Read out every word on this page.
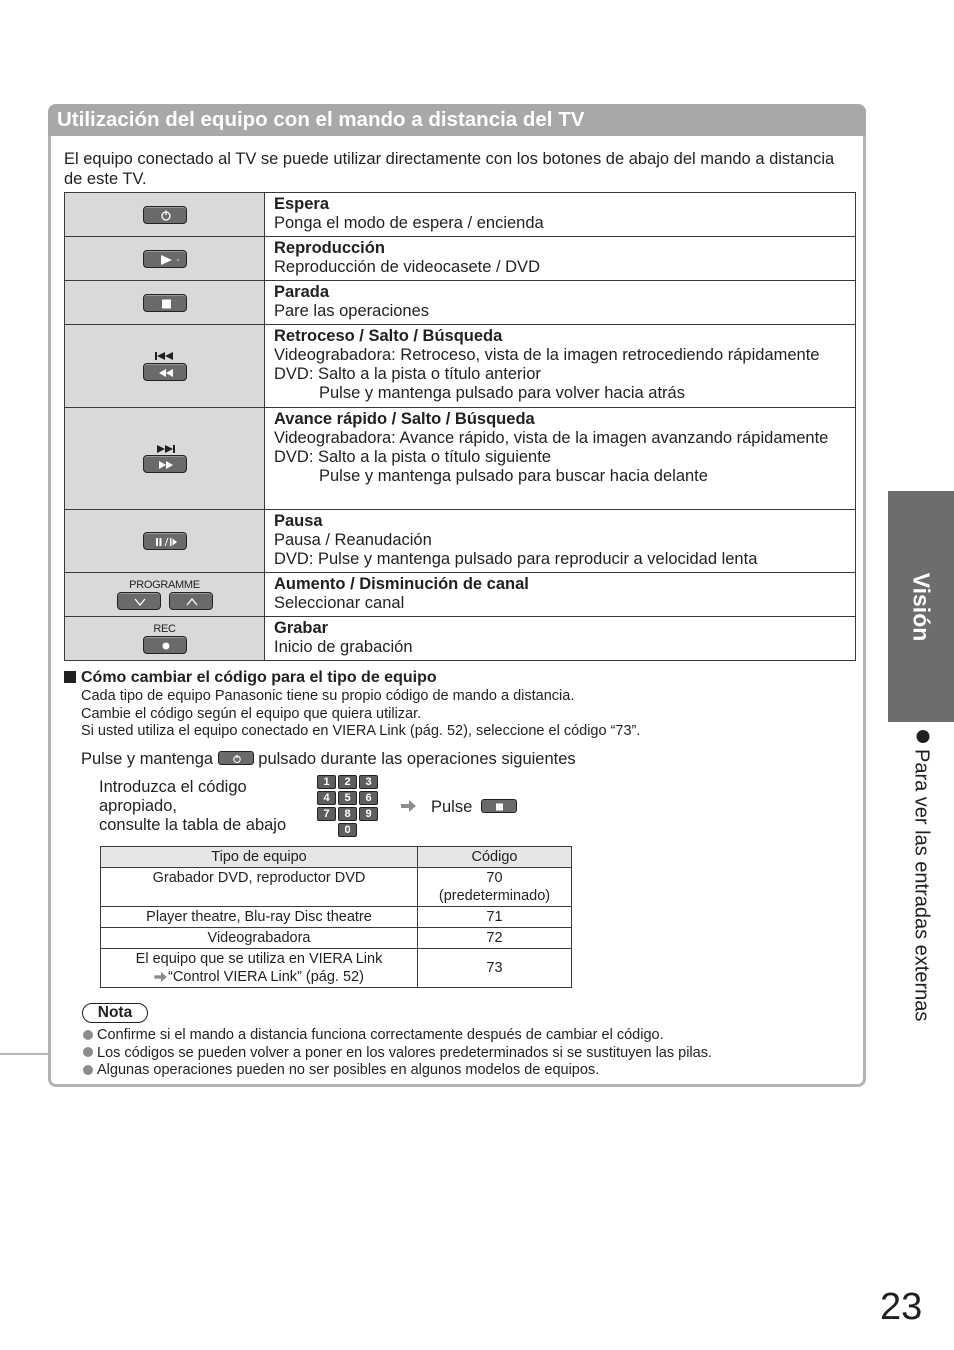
Utilización del equipo con el mando a distancia del TV
El equipo conectado al TV se puede utilizar directamente con los botones de abajo del mando a distancia de este TV.

Espera
Ponga el modo de espera / encienda

Reproducción
Reproducción de videocasete / DVD

Parada
Pare las operaciones

Retroceso / Salto / Búsqueda
Videograbadora: Retroceso, vista de la imagen retrocediendo rápidamente
DVD: Salto a la pista o título anterior
Pulse y mantenga pulsado para volver hacia atrás

Avance rápido / Salto / Búsqueda
Videograbadora: Avance rápido, vista de la imagen avanzando rápidamente
DVD: Salto a la pista o título siguiente
Pulse y mantenga pulsado para buscar hacia delante

Pausa
Pausa / Reanudación
DVD: Pulse y mantenga pulsado para reproducir a velocidad lenta

PROGRAMME	Aumento / Disminución de canal
Seleccionar canal

REC	Grabar
Inicio de grabación
Cómo cambiar el código para el tipo de equipo
Cada tipo de equipo Panasonic tiene su propio código de mando a distancia.
Cambie el código según el equipo que quiera utilizar.
Si usted utiliza el equipo conectado en VIERA Link (pág. 52), seleccione el código “73”.
Pulse y mantenga	pulsado durante las operaciones siguientes
Introduzca el código
apropiado,
consulte la tabla de abajo
1	2	3
4	5	6
7	8	9
0
Pulse
Tipo de equipo	Código
Grabador DVD, reproductor DVD	70
(predeterminado)

Player theatre, Blu-ray Disc theatre	71
Videograbadora	72

El equipo que se utiliza en VIERA Link
“Control VIERA Link” (pág. 52)	73
Nota
Confirme si el mando a distancia funciona correctamente después de cambiar el código.
Los códigos se pueden volver a poner en los valores predeterminados si se sustituyen las pilas.
Algunas operaciones pueden no ser posibles en algunos modelos de equipos.
Visión
Para ver las entradas externas
23
